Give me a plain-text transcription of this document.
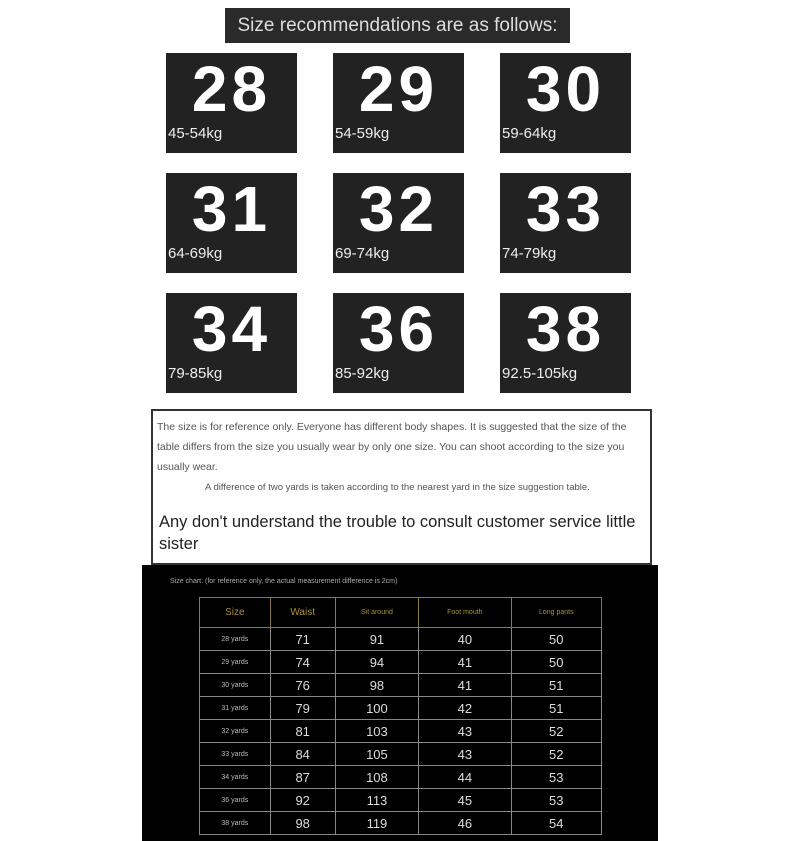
Size recommendations are as follows:
28
45-54kg
29
54-59kg
30
59-64kg
31
64-69kg
32
69-74kg
33
74-79kg
34
79-85kg
36
85-92kg
38
92.5-105kg
The size is for reference only. Everyone has different body shapes. It is suggested that the size of the table differs from the size you usually wear by only one size. You can shoot according to the size you usually wear.
A difference of two yards is taken according to the nearest yard in the size suggestion table.
Any don't understand the trouble to consult customer service little sister
Size chart: (for reference only, the actual measurement difference is 2cm)
Size	Waist	Sit around	Foot mouth	Long pants
28 yards	71	91	40	50
29 yards	74	94	41	50
30 yards	76	98	41	51
31 yards	79	100	42	51
32 yards	81	103	43	52
33 yards	84	105	43	52
34 yards	87	108	44	53
36 yards	92	113	45	53
38 yards	98	119	46	54
